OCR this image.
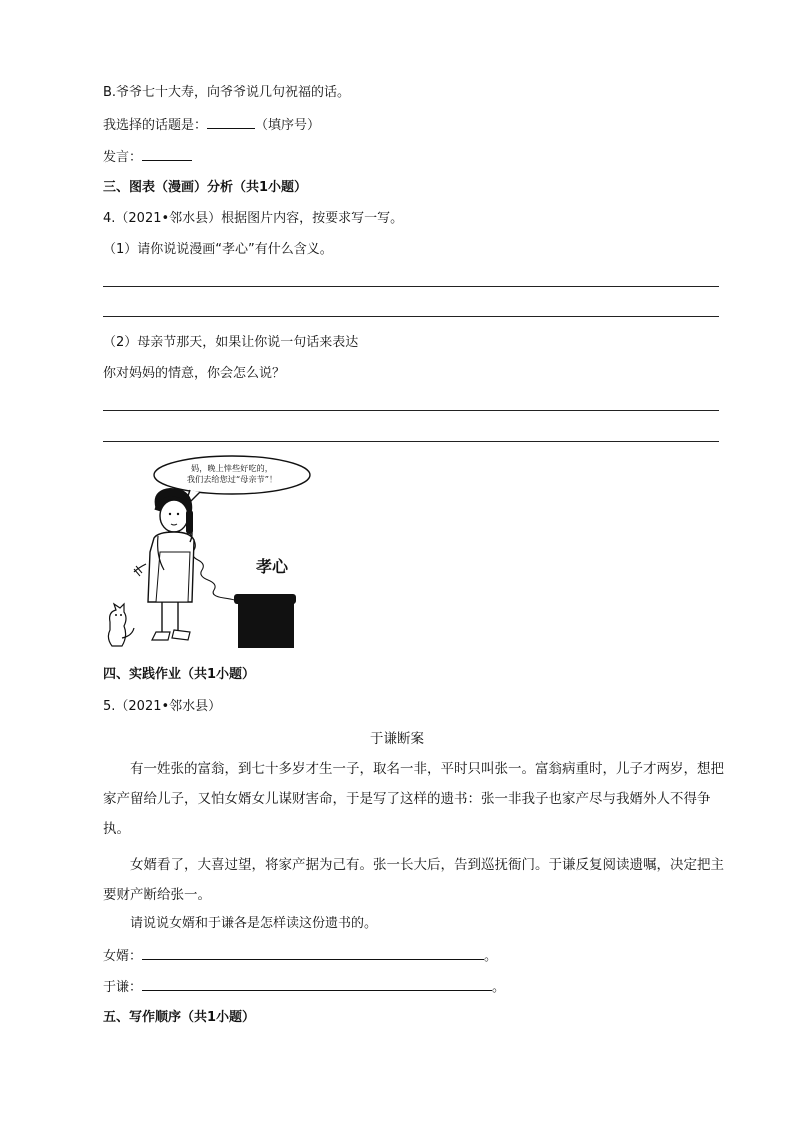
B.爷爷七十大寿，向爷爷说几句祝福的话。
我选择的话题是：	（填序号）
发言：
三、图表（漫画）分析（共1小题）
4.（2021•邻水县）根据图片内容，按要求写一写。
（1）请你说说漫画“孝心”有什么含义。
（2）母亲节那天，如果让你说一句话来表达
你对妈妈的情意，你会怎么说？
妈，晚上悻些好吃的，
我们去给您过“母亲节”！
孝心
四、实践作业（共1小题）
5.（2021•邻水县）
于谦断案
有一姓张的富翁，到七十多岁才生一子，取名一非，平时只叫张一。富翁病重时，儿子才两岁，想把家产留给儿子，又怕女婿女儿谋财害命，于是写了这样的遗书：张一非我子也家产尽与我婿外人不得争执。
女婿看了，大喜过望，将家产据为己有。张一长大后，告到巡抚衙门。于谦反复阅读遗嘱，决定把主要财产断给张一。
请说说女婿和于谦各是怎样读这份遗书的。
女婿：	。
于谦：	。
五、写作顺序（共1小题）
